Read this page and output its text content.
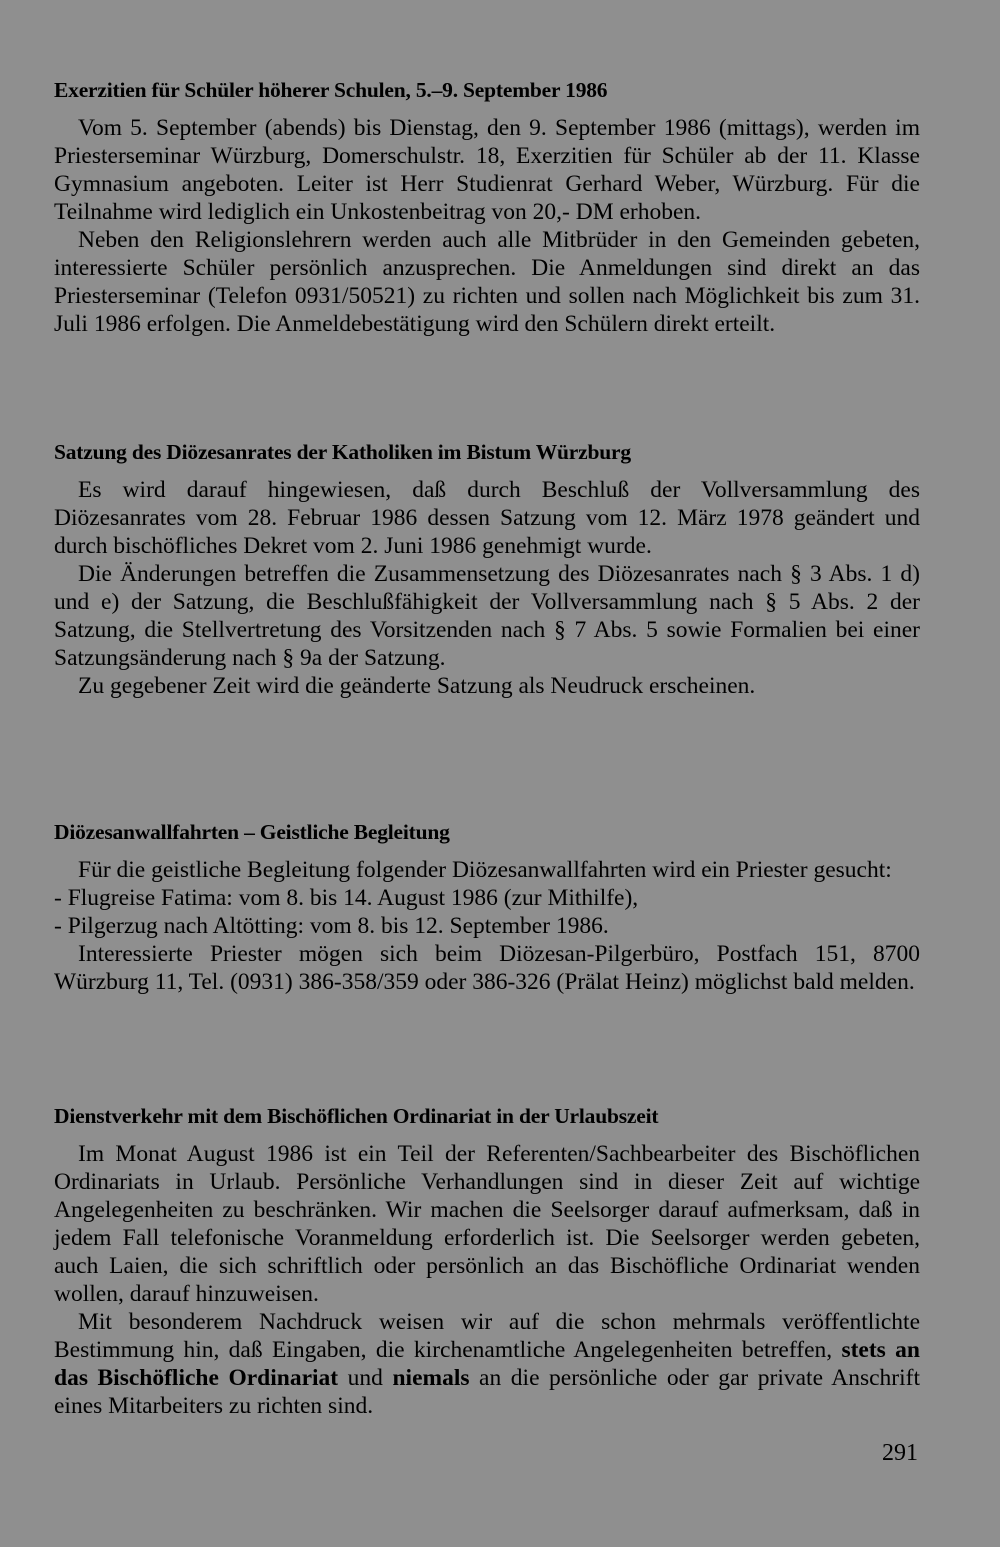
Exerzitien für Schüler höherer Schulen, 5.–9. September 1986

Vom 5. September (abends) bis Dienstag, den 9. September 1986 (mittags), werden im Priesterseminar Würzburg, Domerschulstr. 18, Exerzitien für Schüler ab der 11. Klasse Gymnasium angeboten. Leiter ist Herr Studienrat Gerhard Weber, Würzburg. Für die Teilnahme wird lediglich ein Unkostenbeitrag von 20,- DM erhoben.

Neben den Religionslehrern werden auch alle Mitbrüder in den Gemeinden gebeten, interessierte Schüler persönlich anzusprechen. Die Anmeldungen sind direkt an das Priesterseminar (Telefon 0931/50521) zu richten und sollen nach Möglichkeit bis zum 31. Juli 1986 erfolgen. Die Anmeldebestätigung wird den Schülern direkt erteilt.

Satzung des Diözesanrates der Katholiken im Bistum Würzburg

Es wird darauf hingewiesen, daß durch Beschluß der Vollversammlung des Diözesanrates vom 28. Februar 1986 dessen Satzung vom 12. März 1978 geändert und durch bischöfliches Dekret vom 2. Juni 1986 genehmigt wurde.

Die Änderungen betreffen die Zusammensetzung des Diözesanrates nach § 3 Abs. 1 d) und e) der Satzung, die Beschlußfähigkeit der Vollversammlung nach § 5 Abs. 2 der Satzung, die Stellvertretung des Vorsitzenden nach § 7 Abs. 5 sowie Formalien bei einer Satzungsänderung nach § 9a der Satzung.

Zu gegebener Zeit wird die geänderte Satzung als Neudruck erscheinen.

Diözesanwallfahrten – Geistliche Begleitung

Für die geistliche Begleitung folgender Diözesanwallfahrten wird ein Priester gesucht:

- Flugreise Fatima: vom 8. bis 14. August 1986 (zur Mithilfe),

- Pilgerzug nach Altötting: vom 8. bis 12. September 1986.

Interessierte Priester mögen sich beim Diözesan-Pilgerbüro, Postfach 151, 8700 Würzburg 11, Tel. (0931) 386-358/359 oder 386-326 (Prälat Heinz) möglichst bald melden.

Dienstverkehr mit dem Bischöflichen Ordinariat in der Urlaubszeit

Im Monat August 1986 ist ein Teil der Referenten/Sachbearbeiter des Bischöflichen Ordinariats in Urlaub. Persönliche Verhandlungen sind in dieser Zeit auf wichtige Angelegenheiten zu beschränken. Wir machen die Seelsorger darauf aufmerksam, daß in jedem Fall telefonische Voranmeldung erforderlich ist. Die Seelsorger werden gebeten, auch Laien, die sich schriftlich oder persönlich an das Bischöfliche Ordinariat wenden wollen, darauf hinzuweisen.

Mit besonderem Nachdruck weisen wir auf die schon mehrmals veröffentlichte Bestimmung hin, daß Eingaben, die kirchenamtliche Angelegenheiten betreffen, stets an das Bischöfliche Ordinariat und niemals an die persönliche oder gar private Anschrift eines Mitarbeiters zu richten sind.

291
